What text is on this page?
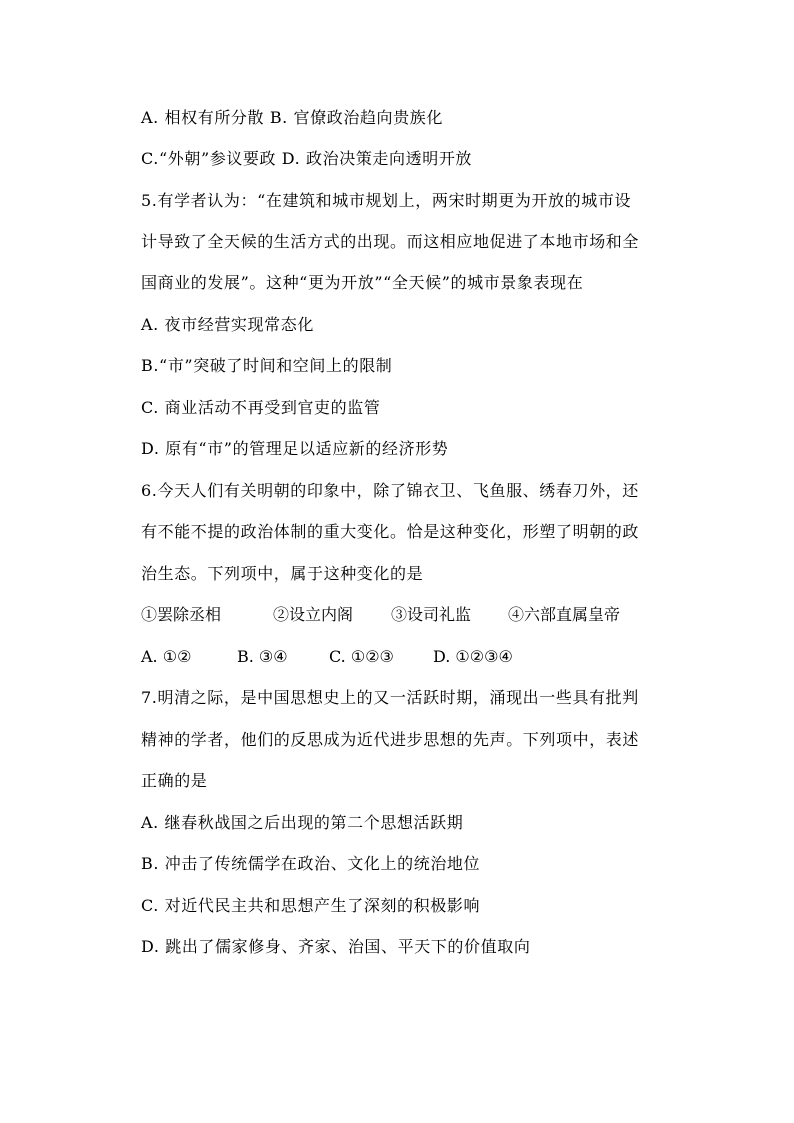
A. 相权有所分散 B. 官僚政治趋向贵族化
C.“外朝”参议要政 D. 政治决策走向透明开放
5.有学者认为：“在建筑和城市规划上，两宋时期更为开放的城市设
计导致了全天候的生活方式的出现。而这相应地促进了本地市场和全
国商业的发展”。这种“更为开放”“全天候”的城市景象表现在
A. 夜市经营实现常态化
B.“市”突破了时间和空间上的限制
C. 商业活动不再受到官吏的监管
D. 原有“市”的管理足以适应新的经济形势
6.今天人们有关明朝的印象中，除了锦衣卫、飞鱼服、绣春刀外，还
有不能不提的政治体制的重大变化。恰是这种变化，形塑了明朝的政
治生态。下列项中，属于这种变化的是
①罢除丞相	②设立内阁 ③设司礼监 ④六部直属皇帝
A. ①②	B. ③④	C. ①②③ D. ①②③④
7.明清之际，是中国思想史上的又一活跃时期，涌现出一些具有批判
精神的学者，他们的反思成为近代进步思想的先声。下列项中，表述
正确的是
A. 继春秋战国之后出现的第二个思想活跃期
B. 冲击了传统儒学在政治、文化上的统治地位
C. 对近代民主共和思想产生了深刻的积极影响
D. 跳出了儒家修身、齐家、治国、平天下的价值取向
